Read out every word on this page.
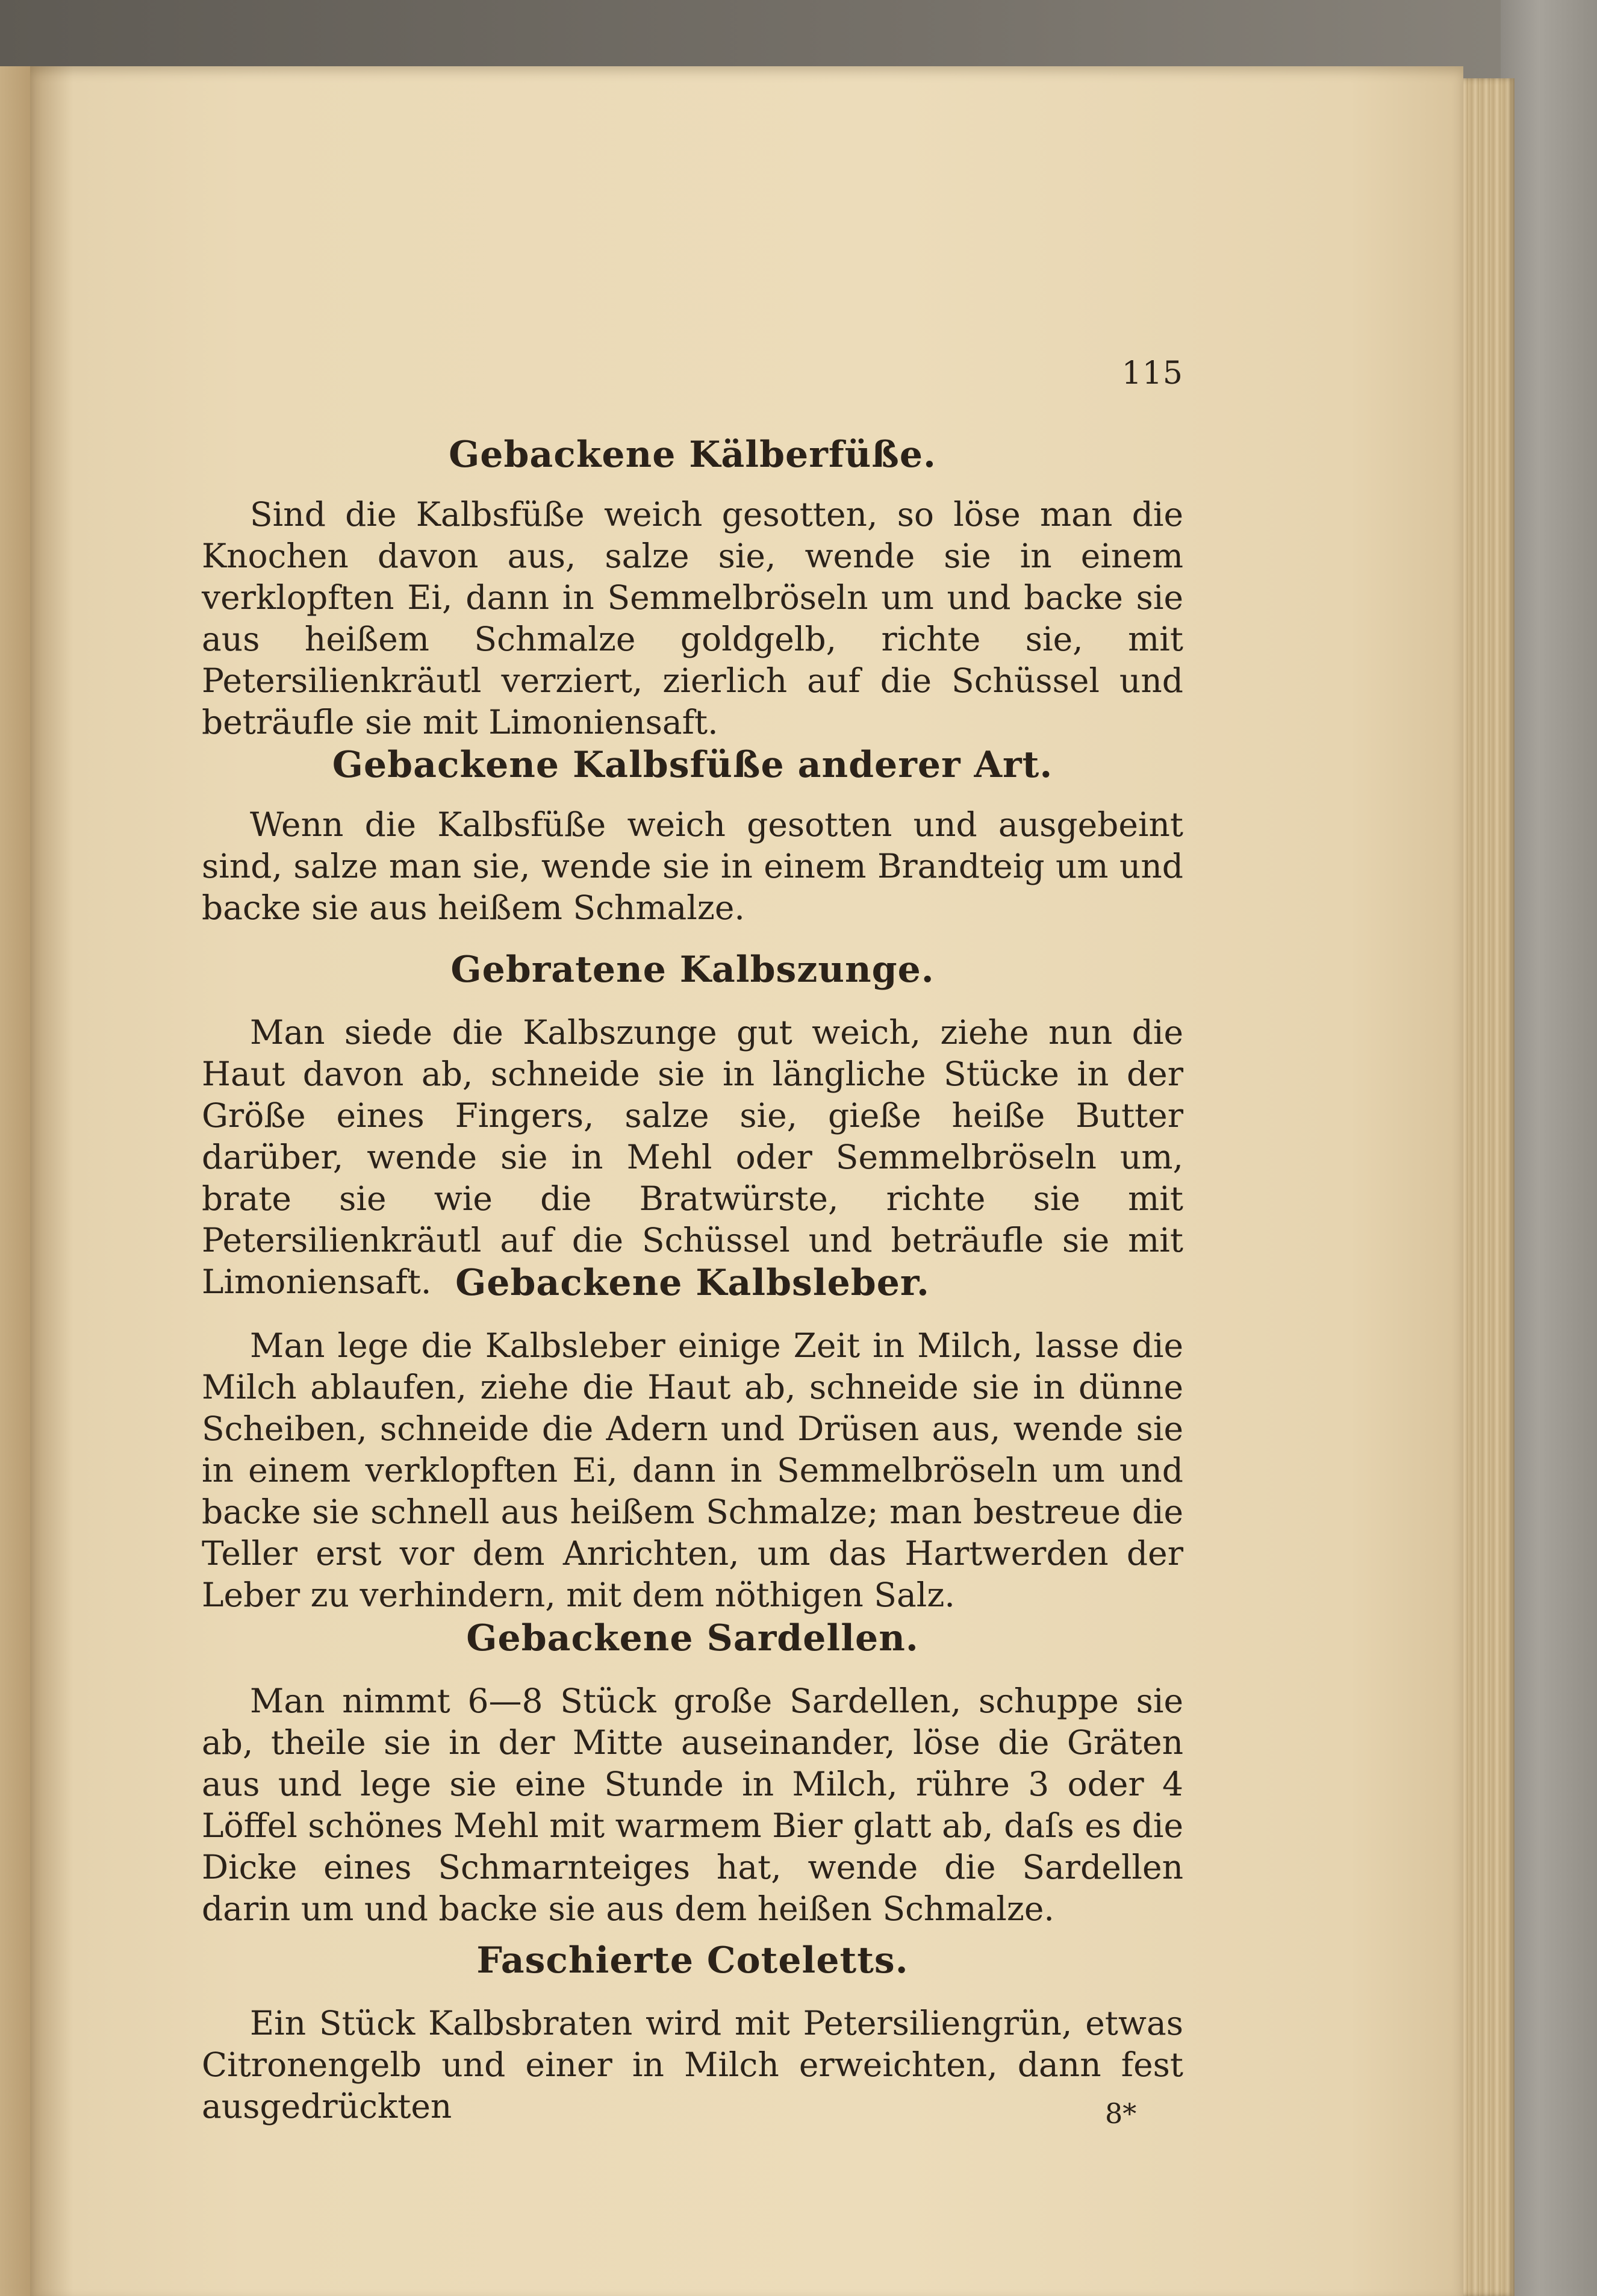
115
Gebackene Kälberfüße.

Sind die Kalbsfüße weich gesotten, so löse man die Knochen davon aus, salze sie, wende sie in einem verklopften Ei, dann in Semmelbröseln um und backe sie aus heißem Schmalze goldgelb, richte sie, mit Petersilienkräutl verziert, zierlich auf die Schüssel und beträufle sie mit Limoniensaft.

Gebackene Kalbsfüße anderer Art.

Wenn die Kalbsfüße weich gesotten und ausgebeint sind, salze man sie, wende sie in einem Brandteig um und backe sie aus heißem Schmalze.

Gebratene Kalbszunge.

Man siede die Kalbszunge gut weich, ziehe nun die Haut davon ab, schneide sie in längliche Stücke in der Größe eines Fingers, salze sie, gieße heiße Butter darüber, wende sie in Mehl oder Semmelbröseln um, brate sie wie die Bratwürste, richte sie mit Petersilienkräutl auf die Schüssel und beträufle sie mit Limoniensaft. Gebackene Kalbsleber.

Man lege die Kalbsleber einige Zeit in Milch, lasse die Milch ablaufen, ziehe die Haut ab, schneide sie in dünne Scheiben, schneide die Adern und Drüsen aus, wende sie in einem verklopften Ei, dann in Semmelbröseln um und backe sie schnell aus heißem Schmalze; man bestreue die Teller erst vor dem Anrichten, um das Hartwerden der Leber zu verhindern, mit dem nöthigen Salz.

Gebackene Sardellen.

Man nimmt 6—8 Stück große Sardellen, schuppe sie ab, theile sie in der Mitte auseinander, löse die Gräten aus und lege sie eine Stunde in Milch, rühre 3 oder 4 Löffel schönes Mehl mit warmem Bier glatt ab, daſs es die Dicke eines Schmarnteiges hat, wende die Sardellen darin um und backe sie aus dem heißen Schmalze.

Faschierte Coteletts.

Ein Stück Kalbsbraten wird mit Petersiliengrün, etwas Citronengelb und einer in Milch erweichten, dann fest ausgedrückten	8*
